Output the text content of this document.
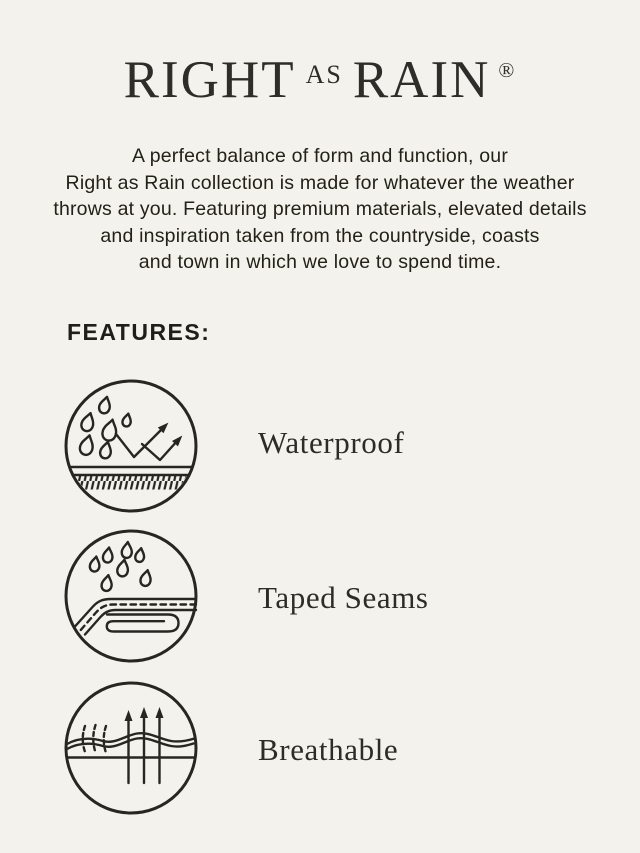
RIGHT $^{AS}$ RAIN ®
A perfect balance of form and function, our
Right as Rain collection is made for whatever the weather
throws at you. Featuring premium materials, elevated details
and inspiration taken from the countryside, coasts
and town in which we love to spend time.
FEATURES:
Waterproof
Taped Seams
Breathable
